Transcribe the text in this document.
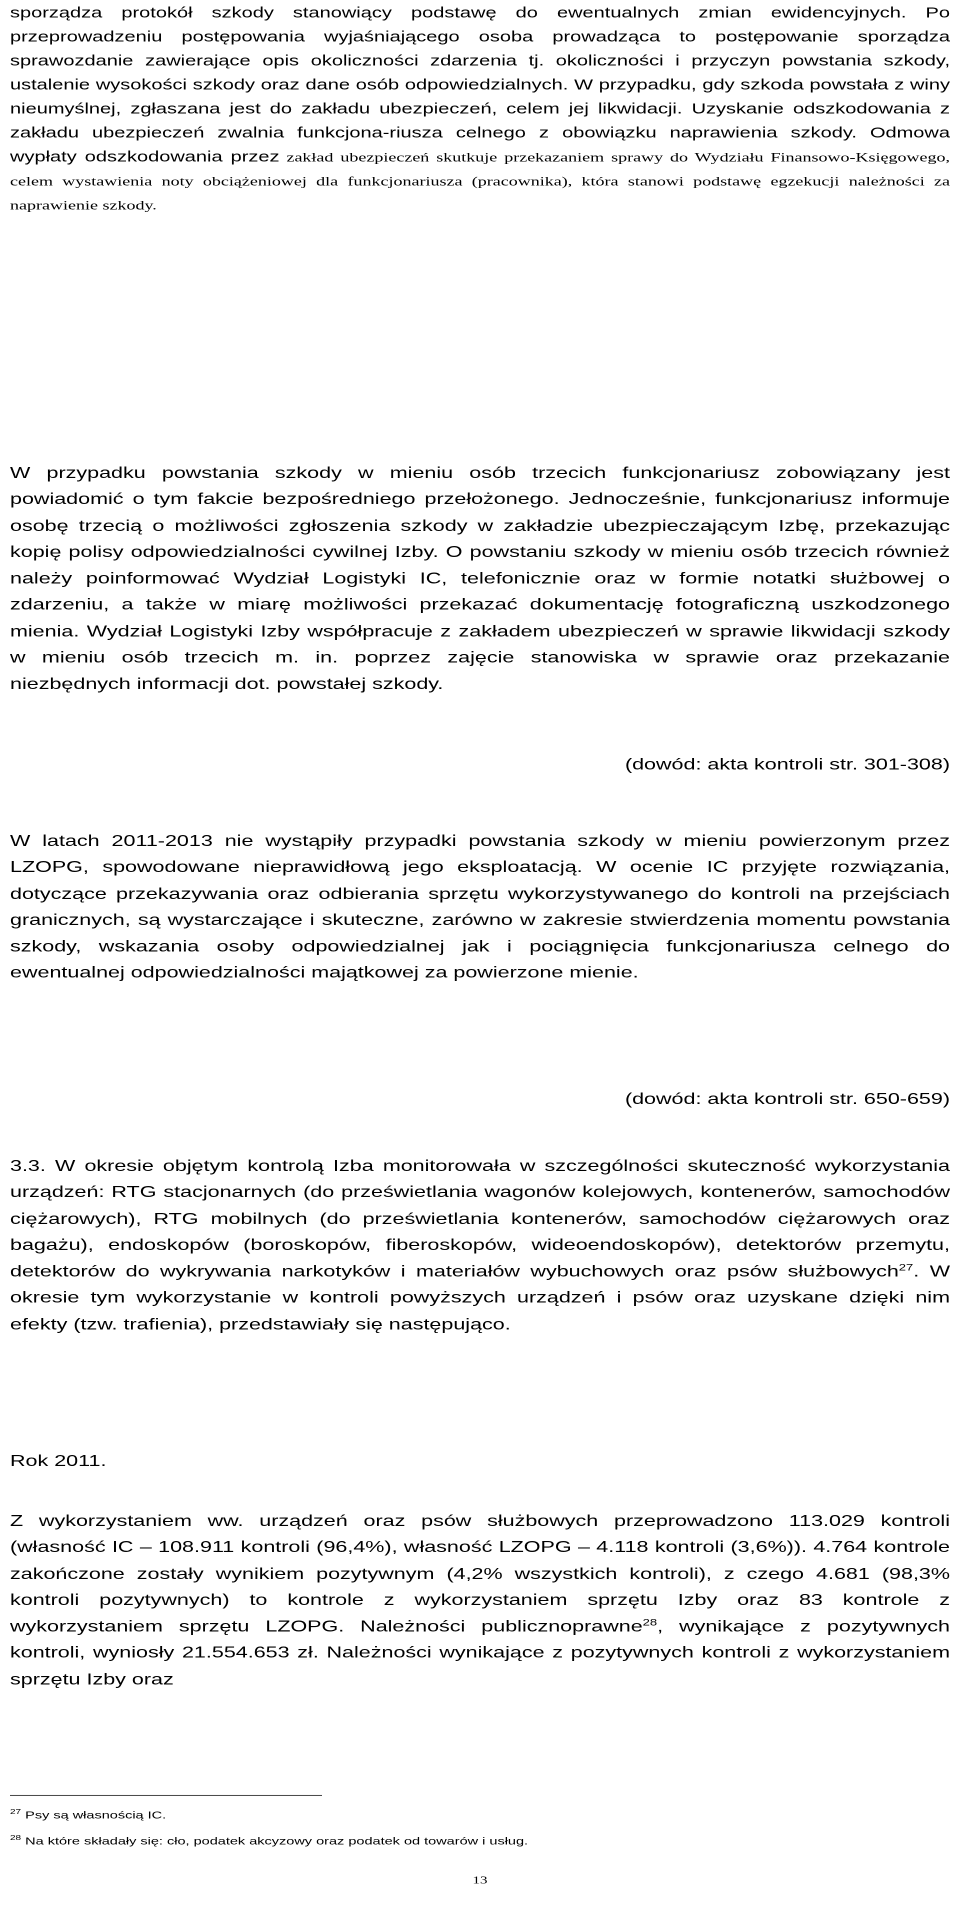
sporządza protokół szkody stanowiący podstawę do ewentualnych zmian ewidencyjnych. Po przeprowadzeniu postępowania wyjaśniającego osoba prowadząca to postępowanie sporządza sprawozdanie zawierające opis okoliczności zdarzenia tj. okoliczności i przyczyn powstania szkody, ustalenie wysokości szkody oraz dane osób odpowiedzialnych. W przypadku, gdy szkoda powstała z winy nieumyślnej, zgłaszana jest do zakładu ubezpieczeń, celem jej likwidacji. Uzyskanie odszkodowania z zakładu ubezpieczeń zwalnia funkcjona-riusza celnego z obowiązku naprawienia szkody. Odmowa wypłaty odszkodowania przez zakład ubezpieczeń skutkuje przekazaniem sprawy do Wydziału Finansowo-Księgowego, celem wystawienia noty obciążeniowej dla funkcjonariusza (pracownika), która stanowi podstawę egzekucji należności za naprawienie szkody.

W przypadku powstania szkody w mieniu osób trzecich funkcjonariusz zobowiązany jest powiadomić o tym fakcie bezpośredniego przełożonego. Jednocześnie, funkcjonariusz informuje osobę trzecią o możliwości zgłoszenia szkody w zakładzie ubezpieczającym Izbę, przekazując kopię polisy odpowiedzialności cywilnej Izby. O powstaniu szkody w mieniu osób trzecich również należy poinformować Wydział Logistyki IC, telefonicznie oraz w formie notatki służbowej o zdarzeniu, a także w miarę możliwości przekazać dokumentację fotograficzną uszkodzonego mienia. Wydział Logistyki Izby współpracuje z zakładem ubezpieczeń w sprawie likwidacji szkody w mieniu osób trzecich m. in. poprzez zajęcie stanowiska w sprawie oraz przekazanie niezbędnych informacji dot. powstałej szkody.

(dowód: akta kontroli str. 301-308)

W latach 2011-2013 nie wystąpiły przypadki powstania szkody w mieniu powierzonym przez LZOPG, spowodowane nieprawidłową jego eksploatacją. W ocenie IC przyjęte rozwiązania, dotyczące przekazywania oraz odbierania sprzętu wykorzystywanego do kontroli na przejściach granicznych, są wystarczające i skuteczne, zarówno w zakresie stwierdzenia momentu powstania szkody, wskazania osoby odpowiedzialnej jak i pociągnięcia funkcjonariusza celnego do ewentualnej odpowiedzialności majątkowej za powierzone mienie.

(dowód: akta kontroli str. 650-659)

3.3. W okresie objętym kontrolą Izba monitorowała w szczególności skuteczność wykorzystania urządzeń: RTG stacjonarnych (do prześwietlania wagonów kolejowych, kontenerów, samochodów ciężarowych), RTG mobilnych (do prześwietlania kontenerów, samochodów ciężarowych oraz bagażu), endoskopów (boroskopów, fiberoskopów, wideoendoskopów), detektorów przemytu, detektorów do wykrywania narkotyków i materiałów wybuchowych oraz psów służbowych$^{27}$. W okresie tym wykorzystanie w kontroli powyższych urządzeń i psów oraz uzyskane dzięki nim efekty (tzw. trafienia), przedstawiały się następująco.

Rok 2011.

Z wykorzystaniem ww. urządzeń oraz psów służbowych przeprowadzono 113.029 kontroli (własność IC – 108.911 kontroli (96,4%), własność LZOPG – 4.118 kontroli (3,6%)). 4.764 kontrole zakończone zostały wynikiem pozytywnym (4,2% wszystkich kontroli), z czego 4.681 (98,3% kontroli pozytywnych) to kontrole z wykorzystaniem sprzętu Izby oraz 83 kontrole z wykorzystaniem sprzętu LZOPG. Należności publicznoprawne$^{28}$, wynikające z pozytywnych kontroli, wyniosły 21.554.653 zł. Należności wynikające z pozytywnych kontroli z wykorzystaniem sprzętu Izby oraz

$^{27}$ Psy są własnością IC.
$^{28}$ Na które składały się: cło, podatek akcyzowy oraz podatek od towarów i usług.
13
